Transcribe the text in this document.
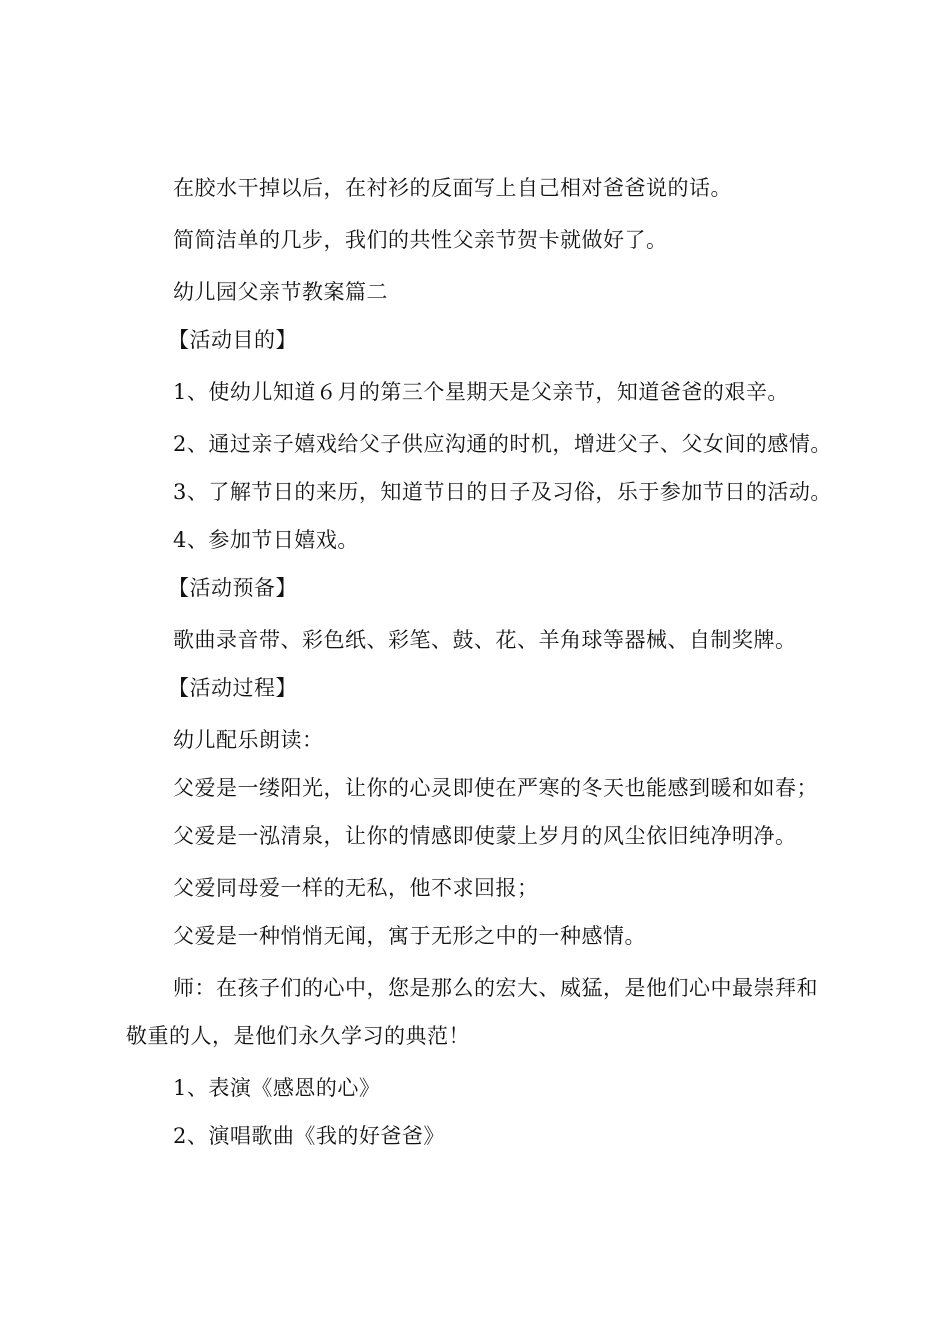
在胶水干掉以后，在衬衫的反面写上自己相对爸爸说的话。
简简洁单的几步，我们的共性父亲节贺卡就做好了。
幼儿园父亲节教案篇二
【活动目的】
1、使幼儿知道６月的第三个星期天是父亲节，知道爸爸的艰辛。
2、通过亲子嬉戏给父子供应沟通的时机，增进父子、父女间的感情。
3、了解节日的来历，知道节日的日子及习俗，乐于参加节日的活动。
4、参加节日嬉戏。
【活动预备】
歌曲录音带、彩色纸、彩笔、鼓、花、羊角球等器械、自制奖牌。
【活动过程】
幼儿配乐朗读：
父爱是一缕阳光，让你的心灵即使在严寒的冬天也能感到暖和如春；
父爱是一泓清泉，让你的情感即使蒙上岁月的风尘依旧纯净明净。
父爱同母爱一样的无私，他不求回报；
父爱是一种悄悄无闻，寓于无形之中的一种感情。
师：在孩子们的心中，您是那么的宏大、威猛，是他们心中最崇拜和
敬重的人，是他们永久学习的典范！
1、表演《感恩的心》
2、演唱歌曲《我的好爸爸》
